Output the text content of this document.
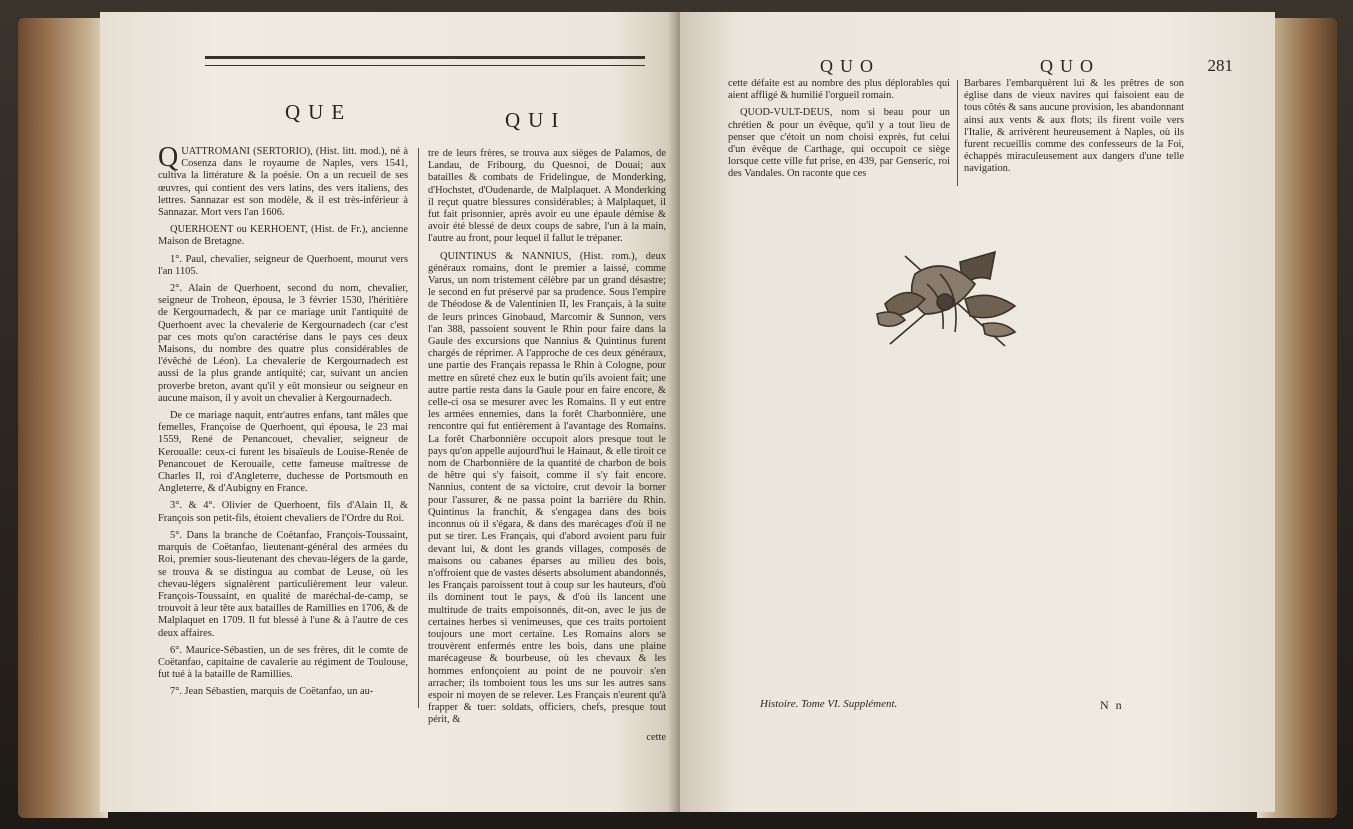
QUE	QUI

QUATTROMANI (SERTORIO), (Hist. litt. mod.), né à Cosenza dans le royaume de Naples, vers 1541, cultiva la littérature & la poésie. On a un recueil de ses œuvres, qui contient des vers latins, des vers italiens, des lettres. Sannazar est son modèle, & il est très-inférieur à Sannazar. Mort vers l'an 1606.

QUERHOENT ou KERHOENT, (Hist. de Fr.), ancienne Maison de Bretagne.

1°. Paul, chevalier, seigneur de Querhoent, mourut vers l'an 1105.

2°. Alain de Querhoent, second du nom, chevalier, seigneur de Troheon, épousa, le 3 février 1530, l'héritière de Kergournadech, & par ce mariage unit l'antiquité de Querhoent avec la chevalerie de Kergournadech (car c'est par ces mots qu'on caractérise dans le pays ces deux Maisons, du nombre des quatre plus considérables de l'évêché de Léon). La chevalerie de Kergournadech est aussi de la plus grande antiquité; car, suivant un ancien proverbe breton, avant qu'il y eût monsieur ou seigneur en aucune maison, il y avoit un chevalier à Kergournadech.

De ce mariage naquit, entr'autres enfans, tant mâles que femelles, Françoise de Querhoent, qui épousa, le 23 mai 1559, René de Penancouet, chevalier, seigneur de Keroualle: ceux-ci furent les bisaïeuls de Louise-Renée de Penancouet de Kerouaile, cette fameuse maîtresse de Charles II, roi d'Angleterre, duchesse de Portsmouth en Angleterre, & d'Aubigny en France.

3°. & 4°. Olivier de Querhoent, fils d'Alain II, & François son petit-fils, étoient chevaliers de l'Ordre du Roi.

5°. Dans la branche de Coëtanfao, François-Toussaint, marquis de Coëtanfao, lieutenant-général des armées du Roi, premier sous-lieutenant des chevau-légers de la garde, se trouva & se distingua au combat de Leuse, où les chevau-légers signalèrent particulièrement leur valeur. François-Toussaint, en qualité de maréchal-de-camp, se trouvoit à leur tête aux batailles de Ramillies en 1706, & de Malplaquet en 1709. Il fut blessé à l'une & à l'autre de ces deux affaires.

6°. Maurice-Sébastien, un de ses frères, dit le comte de Coëtanfao, capitaine de cavalerie au régiment de Toulouse, fut tué à la bataille de Ramillies.

7°. Jean Sébastien, marquis de Coëtanfao, un au-

tre de leurs frères, se trouva aux sièges de Palamos, de Landau, de Fribourg, du Quesnoi, de Douai; aux batailles & combats de Fridelingue, de Monderking, d'Hochstet, d'Oudenarde, de Malplaquet. A Monderking il reçut quatre blessures considérables; à Malplaquet, il fut fait prisonnier, après avoir eu une épaule démise & avoir été blessé de deux coups de sabre, l'un à la main, l'autre au front, pour lequel il fallut le trépaner.

QUINTINUS & NANNIUS, (Hist. rom.), deux généraux romains, dont le premier a laissé, comme Varus, un nom tristement célèbre par un grand désastre; le second en fut préservé par sa prudence. Sous l'empire de Théodose & de Valentinien II, les Français, à la suite de leurs princes Ginobaud, Marcomir & Sunnon, vers l'an 388, passoient souvent le Rhin pour faire dans la Gaule des excursions que Nannius & Quintinus furent chargés de réprimer. A l'approche de ces deux généraux, une partie des Français repassa le Rhin à Cologne, pour mettre en sûreté chez eux le butin qu'ils avoient fait; une autre partie resta dans la Gaule pour en faire encore, & celle-ci osa se mesurer avec les Romains. Il y eut entre les armées ennemies, dans la forêt Charbonnière, une rencontre qui fut entièrement à l'avantage des Romains. La forêt Charbonnière occupoit alors presque tout le pays qu'on appelle aujourd'hui le Hainaut, & elle tiroit ce nom de Charbonnière de la quantité de charbon de bois de hêtre qui s'y faisoit, comme il s'y fait encore. Nannius, content de sa victoire, crut devoir la borner pour l'assurer, & ne passa point la barrière du Rhin. Quintinus la franchit, & s'engagea dans des bois inconnus où il s'égara, & dans des marécages d'où il ne put se tirer. Les Français, qui d'abord avoient paru fuir devant lui, & dont les grands villages, composés de maisons ou cabanes éparses au milieu des bois, n'offroient que de vastes déserts absolument abandonnés, les Français paroissent tout à coup sur les hauteurs, d'où ils dominent tout le pays, & d'où ils lancent une multitude de traits empoisonnés, dit-on, avec le jus de certaines herbes si venimeuses, que ces traits portoient toujours une mort certaine. Les Romains alors se trouvèrent enfermés entre les bois, dans une plaine marécageuse & bourbeuse, où les chevaux & les hommes enfonçoient au point de ne pouvoir s'en arracher; ils tomboient tous les uns sur les autres sans espoir ni moyen de se relever. Les Français n'eurent qu'à frapper & tuer: soldats, officiers, chefs, presque tout périt, &

cette

QUO	QUO	281

cette défaite est au nombre des plus déplorables qui aient affligé & humilié l'orgueil romain.

QUOD-VULT-DEUS, nom si beau pour un chrétien & pour un évêque, qu'il y a tout lieu de penser que c'étoit un nom choisi exprès, fut celui d'un évêque de Carthage, qui occupoit ce siège lorsque cette ville fut prise, en 439, par Genseric, roi des Vandales. On raconte que ces

Barbares l'embarquèrent lui & les prêtres de son église dans de vieux navires qui faisoient eau de tous côtés & sans aucune provision, les abandonnant ainsi aux vents & aux flots; ils firent voile vers l'Italie, & arrivèrent heureusement à Naples, où ils furent recueillis comme des confesseurs de la Foi, échappés miraculeusement aux dangers d'une telle navigation.

Histoire. Tome VI. Supplément.	N n
